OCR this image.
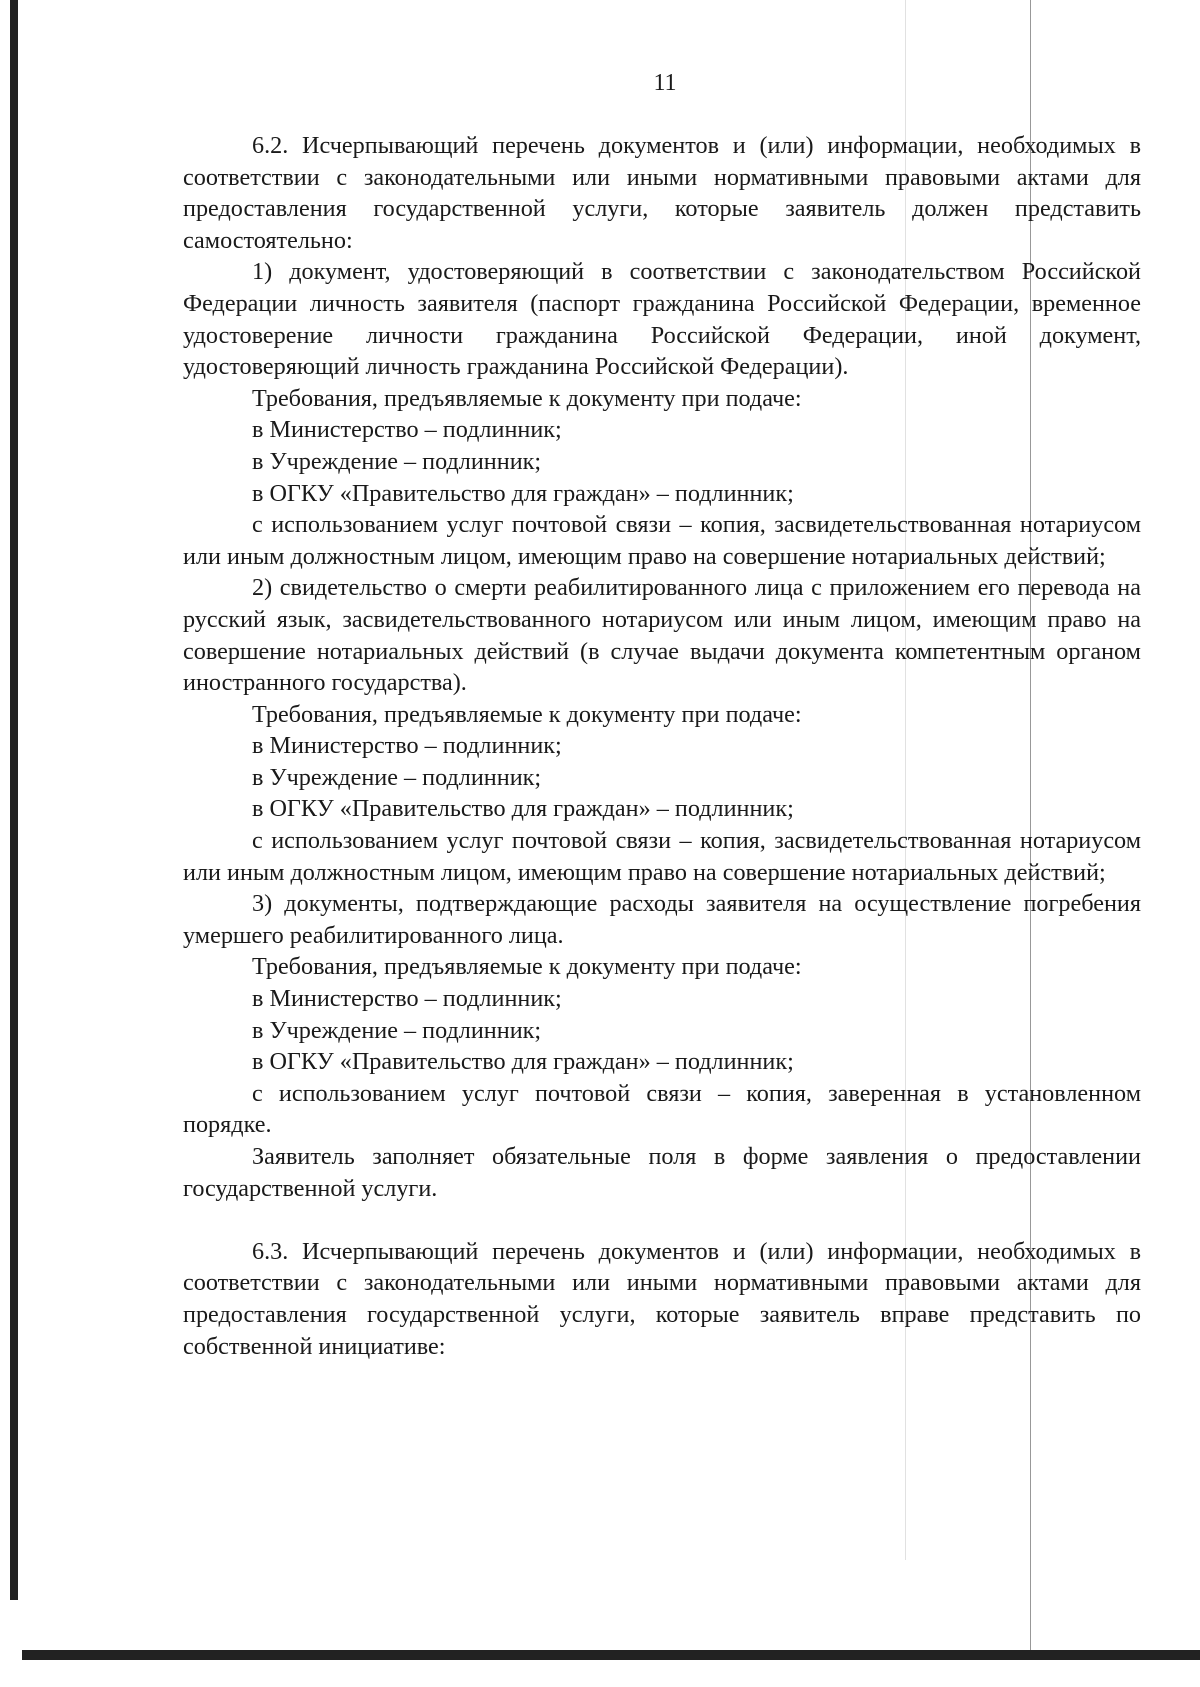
11

6.2. Исчерпывающий перечень документов и (или) информации, необходимых в соответствии с законодательными или иными нормативными правовыми актами для предоставления государственной услуги, которые заявитель должен представить самостоятельно:

1) документ, удостоверяющий в соответствии с законодательством Российской Федерации личность заявителя (паспорт гражданина Российской Федерации, временное удостоверение личности гражданина Российской Федерации, иной документ, удостоверяющий личность гражданина Российской Федерации).

Требования, предъявляемые к документу при подаче:

в Министерство – подлинник;

в Учреждение – подлинник;

в ОГКУ «Правительство для граждан» – подлинник;

с использованием услуг почтовой связи – копия, засвидетельствованная нотариусом или иным должностным лицом, имеющим право на совершение нотариальных действий;

2) свидетельство о смерти реабилитированного лица с приложением его перевода на русский язык, засвидетельствованного нотариусом или иным лицом, имеющим право на совершение нотариальных действий (в случае выдачи документа компетентным органом иностранного государства).

Требования, предъявляемые к документу при подаче:

в Министерство – подлинник;

в Учреждение – подлинник;

в ОГКУ «Правительство для граждан» – подлинник;

с использованием услуг почтовой связи – копия, засвидетельствованная нотариусом или иным должностным лицом, имеющим право на совершение нотариальных действий;

3) документы, подтверждающие расходы заявителя на осуществление погребения умершего реабилитированного лица.

Требования, предъявляемые к документу при подаче:

в Министерство – подлинник;

в Учреждение – подлинник;

в ОГКУ «Правительство для граждан» – подлинник;

с использованием услуг почтовой связи – копия, заверенная в установленном порядке.

Заявитель заполняет обязательные поля в форме заявления о предоставлении государственной услуги.

6.3. Исчерпывающий перечень документов и (или) информации, необходимых в соответствии с законодательными или иными нормативными правовыми актами для предоставления государственной услуги, которые заявитель вправе представить по собственной инициативе:
